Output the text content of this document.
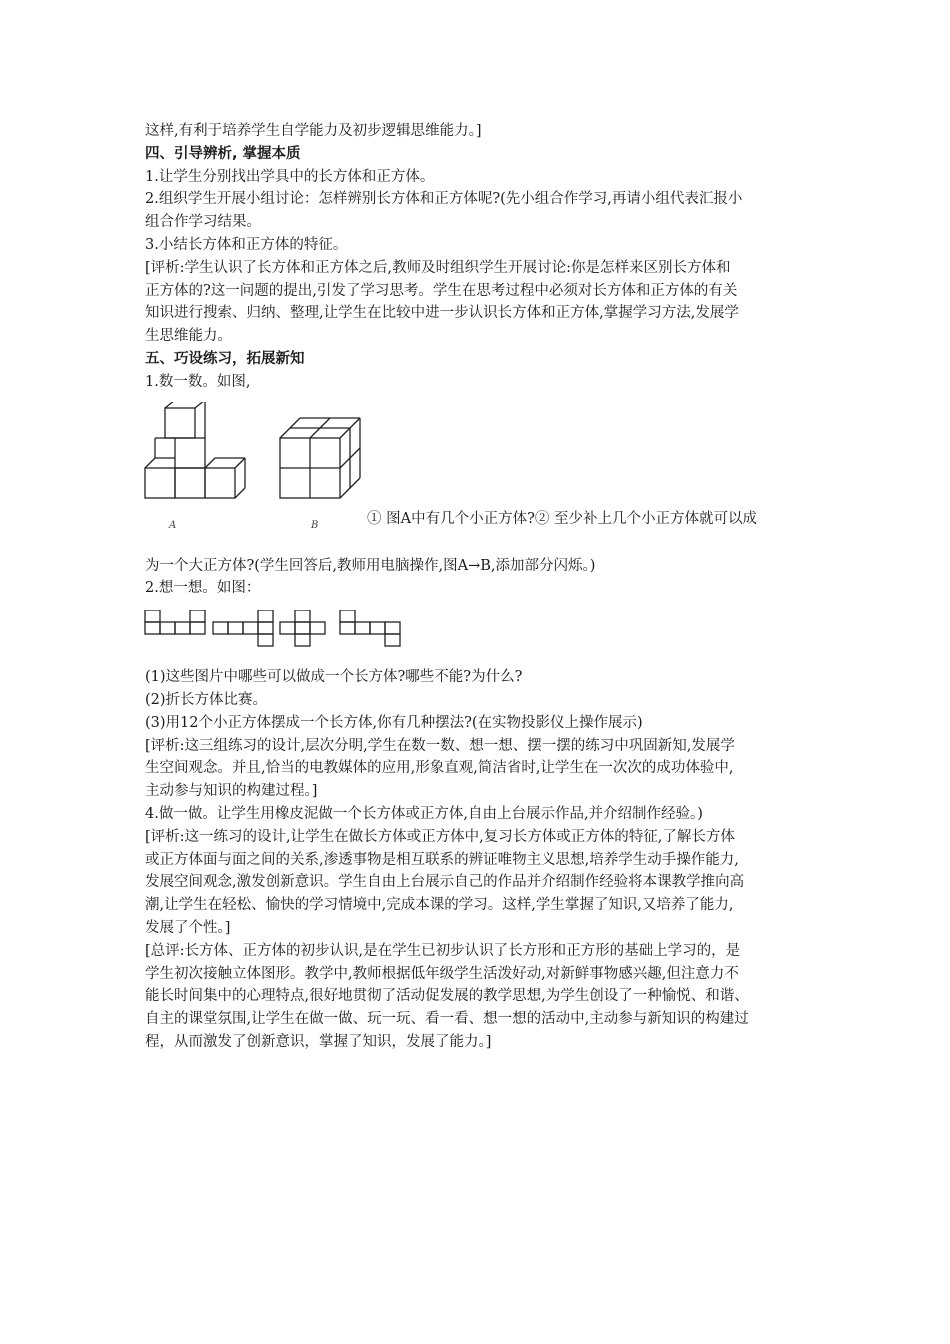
这样,有利于培养学生自学能力及初步逻辑思维能力。]

四、引导辨析, 掌握本质

1.让学生分别找出学具中的长方体和正方体。

2.组织学生开展小组讨论：怎样辨别长方体和正方体呢?(先小组合作学习,再请小组代表汇报小

组合作学习结果。

3.小结长方体和正方体的特征。

[评析:学生认识了长方体和正方体之后,教师及时组织学生开展讨论:你是怎样来区别长方体和

正方体的?这一问题的提出,引发了学习思考。学生在思考过程中必须对长方体和正方体的有关

知识进行搜索、归纳、整理,让学生在比较中进一步认识长方体和正方体,掌握学习方法,发展学

生思维能力。

五、巧设练习，拓展新知

1.数一数。如图,

A	B	① 图A中有几个小正方体?② 至少补上几个小正方体就可以成

为一个大正方体?(学生回答后,教师用电脑操作,图A→B,添加部分闪烁。)

2.想一想。如图：

(1)这些图片中哪些可以做成一个长方体?哪些不能?为什么?

(2)折长方体比赛。

(3)用12个小正方体摆成一个长方体,你有几种摆法?(在实物投影仪上操作展示)

[评析:这三组练习的设计,层次分明,学生在数一数、想一想、摆一摆的练习中巩固新知,发展学

生空间观念。并且,恰当的电教媒体的应用,形象直观,简洁省时,让学生在一次次的成功体验中,

主动参与知识的构建过程。]

4.做一做。让学生用橡皮泥做一个长方体或正方体,自由上台展示作品,并介绍制作经验。)

[评析:这一练习的设计,让学生在做长方体或正方体中,复习长方体或正方体的特征,了解长方体

或正方体面与面之间的关系,渗透事物是相互联系的辨证唯物主义思想,培养学生动手操作能力,

发展空间观念,激发创新意识。学生自由上台展示自己的作品并介绍制作经验将本课教学推向高

潮,让学生在轻松、愉快的学习情境中,完成本课的学习。这样,学生掌握了知识,又培养了能力,

发展了个性。]

[总评:长方体、正方体的初步认识,是在学生已初步认识了长方形和正方形的基础上学习的，是

学生初次接触立体图形。教学中,教师根据低年级学生活泼好动,对新鲜事物感兴趣,但注意力不

能长时间集中的心理特点,很好地贯彻了活动促发展的教学思想,为学生创设了一种愉悦、和谐、

自主的课堂氛围,让学生在做一做、玩一玩、看一看、想一想的活动中,主动参与新知识的构建过

程，从而激发了创新意识，掌握了知识，发展了能力。]
